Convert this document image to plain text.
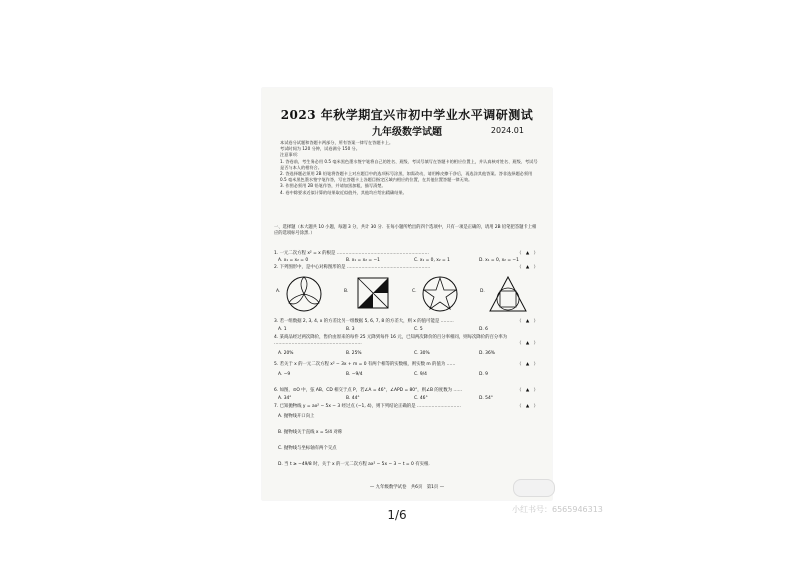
2023 年秋学期宜兴市初中学业水平调研测试
九年级数学试题	2024.01

本试卷分试题和答题卡两部分，所有答案一律写在答题卡上。

考试时间为 120 分钟，试卷满分 150 分。

注意事项：

1. 答卷前，考生务必用 0.5 毫米黑色墨水签字笔将自己的姓名、班级、考试号填写在答题卡的相应位置上，并认真核对姓名、班级、考试号是否与本人的相符合。

2. 答选择题必须用 2B 铅笔将答题卡上对应题目中的选项标号涂黑，如需改动，请用橡皮擦干净后，再选涂其他答案。答非选择题必须用 0.5 毫米黑色墨水签字笔作答，写在答题卡上各题目指定区域内相应的位置，在其他位置答题一律无效。

3. 作图必须用 2B 铅笔作答，并请加黑加粗，描写清楚。

4. 卷中除要求近似计算的结果取近似值外，其他均应给出精确结果。

一、选择题（本大题共 10 小题，每题 3 分，共计 30 分．在每小题所给出的四个选项中，只有一项是正确的，请用 2B 铅笔把答题卡上相应的选项标号涂黑．）
1. 一元二次方程 x² = x 的根是 ………………………………………………………	（　▲　）
A. x₁ = x₂ = 0	B. x₁ = x₂ = −1	C. x₁ = 0, x₂ = 1	D. x₁ = 0, x₂ = −1
2. 下列图形中，是中心对称图形的是 …………………………………………………	（　▲　）
A.	B.	C.	D.
3. 若一组数据 2, 3, 4, x 的方差比另一组数据 5, 6, 7, 8 的方差大，则 x 的值可能是 ………	（　▲　）
A. 1	B. 3	C. 5	D. 6
4. 某商品经过两次降价，售价由原来的每件 25 元降到每件 16 元，已知两次降价的百分率相同，则每次降价的百分率为 ……………………………………………………	（　▲　）
A. 20%	B. 25%	C. 30%	D. 36%
5. 若关于 x 的一元二次方程 x² − 3x + m = 0 有两个相等的实数根，则实数 m 的值为 ……	（　▲　）
A. −9	B. −9/4	C. 9/4	D. 9
6. 如图，⊙O 中，弦 AB、CD 相交于点 P，若∠A = 46°，∠APD = 80°，则∠B 的度数为 ……	（　▲　）
A. 34°	B. 44°	C. 46°	D. 54°
7. 已知抛物线 y = ax² − 5x − 3 经过点 (−1, 4)，则下列结论正确的是 …………………………	（　▲　）
A. 抛物线开口向上
B. 抛物线关于直线 x = 5/4 对称
C. 抛物线与坐标轴有两个交点
D. 当 t ≥ −49/8 时，关于 x 的一元二次方程 ax² − 5x − 3 − t = 0 有实根.
— 九年级数学试卷　共6页　第1页 —
1/6	小红书号：6565946313
